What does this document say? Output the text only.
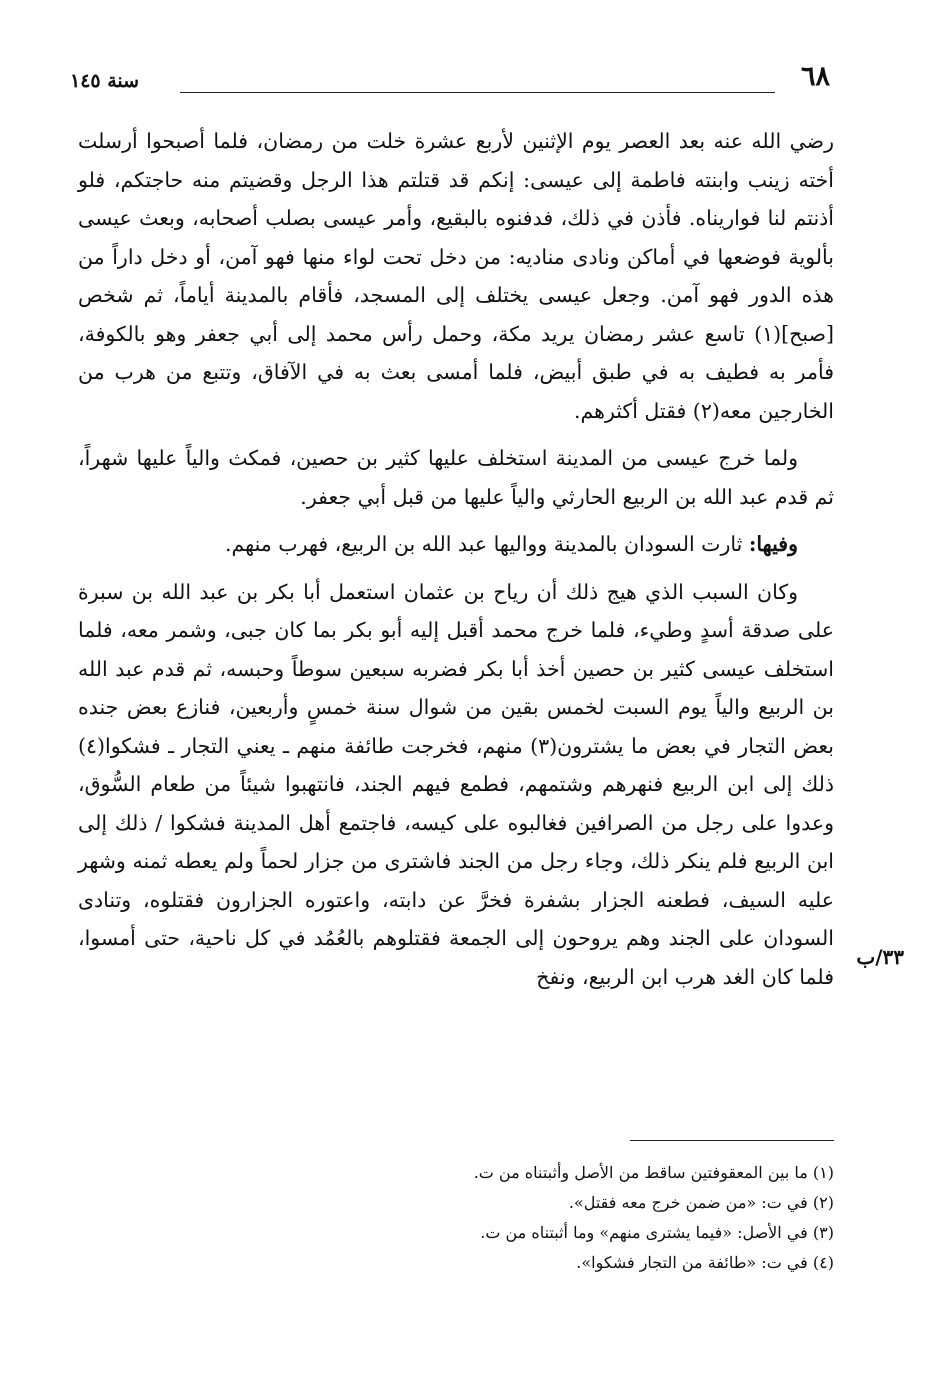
٦٨
سنة ١٤٥

رضي الله عنه بعد العصر يوم الإثنين لأربع عشرة خلت من رمضان، فلما أصبحوا أرسلت أخته زينب وابنته فاطمة إلى عيسى: إنكم قد قتلتم هذا الرجل وقضيتم منه حاجتكم، فلو أذنتم لنا فواريناه. فأذن في ذلك، فدفنوه بالبقيع، وأمر عيسى بصلب أصحابه، وبعث عيسى بألوية فوضعها في أماكن ونادى مناديه: من دخل تحت لواء منها فهو آمن، أو دخل داراً من هذه الدور فهو آمن. وجعل عيسى يختلف إلى المسجد، فأقام بالمدينة أياماً، ثم شخص [صبح](١) تاسع عشر رمضان يريد مكة، وحمل رأس محمد إلى أبي جعفر وهو بالكوفة، فأمر به فطيف به في طبق أبيض، فلما أمسى بعث به في الآفاق، وتتبع من هرب من الخارجين معه(٢) فقتل أكثرهم.

ولما خرج عيسى من المدينة استخلف عليها كثير بن حصين، فمكث والياً عليها شهراً، ثم قدم عبد الله بن الربيع الحارثي والياً عليها من قبل أبي جعفر.

وفيها: ثارت السودان بالمدينة وواليها عبد الله بن الربيع، فهرب منهم.

وكان السبب الذي هيج ذلك أن رياح بن عثمان استعمل أبا بكر بن عبد الله بن سبرة على صدقة أسدٍ وطيء، فلما خرج محمد أقبل إليه أبو بكر بما كان جبى، وشمر معه، فلما استخلف عيسى كثير بن حصين أخذ أبا بكر فضربه سبعين سوطاً وحبسه، ثم قدم عبد الله بن الربيع والياً يوم السبت لخمس بقين من شوال سنة خمسٍ وأربعين، فنازع بعض جنده بعض التجار في بعض ما يشترون(٣) منهم، فخرجت طائفة منهم ـ يعني التجار ـ فشكوا(٤) ذلك إلى ابن الربيع فنهرهم وشتمهم، فطمع فيهم الجند، فانتهبوا شيئاً من طعام السُّوق، وعدوا على رجل من الصرافين فغالبوه على كيسه، فاجتمع أهل المدينة فشكوا / ذلك إلى ابن الربيع فلم ينكر ذلك، وجاء رجل من الجند فاشترى من جزار لحماً ولم يعطه ثمنه وشهر عليه السيف، فطعنه الجزار بشفرة فخرَّ عن دابته، واعتوره الجزارون فقتلوه، وتنادى السودان على الجند وهم يروحون إلى الجمعة فقتلوهم بالعُمُد في كل ناحية، حتى أمسوا، فلما كان الغد هرب ابن الربيع، ونفخ

٣٣/ب

(١) ما بين المعقوفتين ساقط من الأصل وأثبتناه من ت.

(٢) في ت: «من ضمن خرج معه فقتل».

(٣) في الأصل: «فيما يشترى منهم» وما أثبتناه من ت.

(٤) في ت: «طائفة من التجار فشكوا».
